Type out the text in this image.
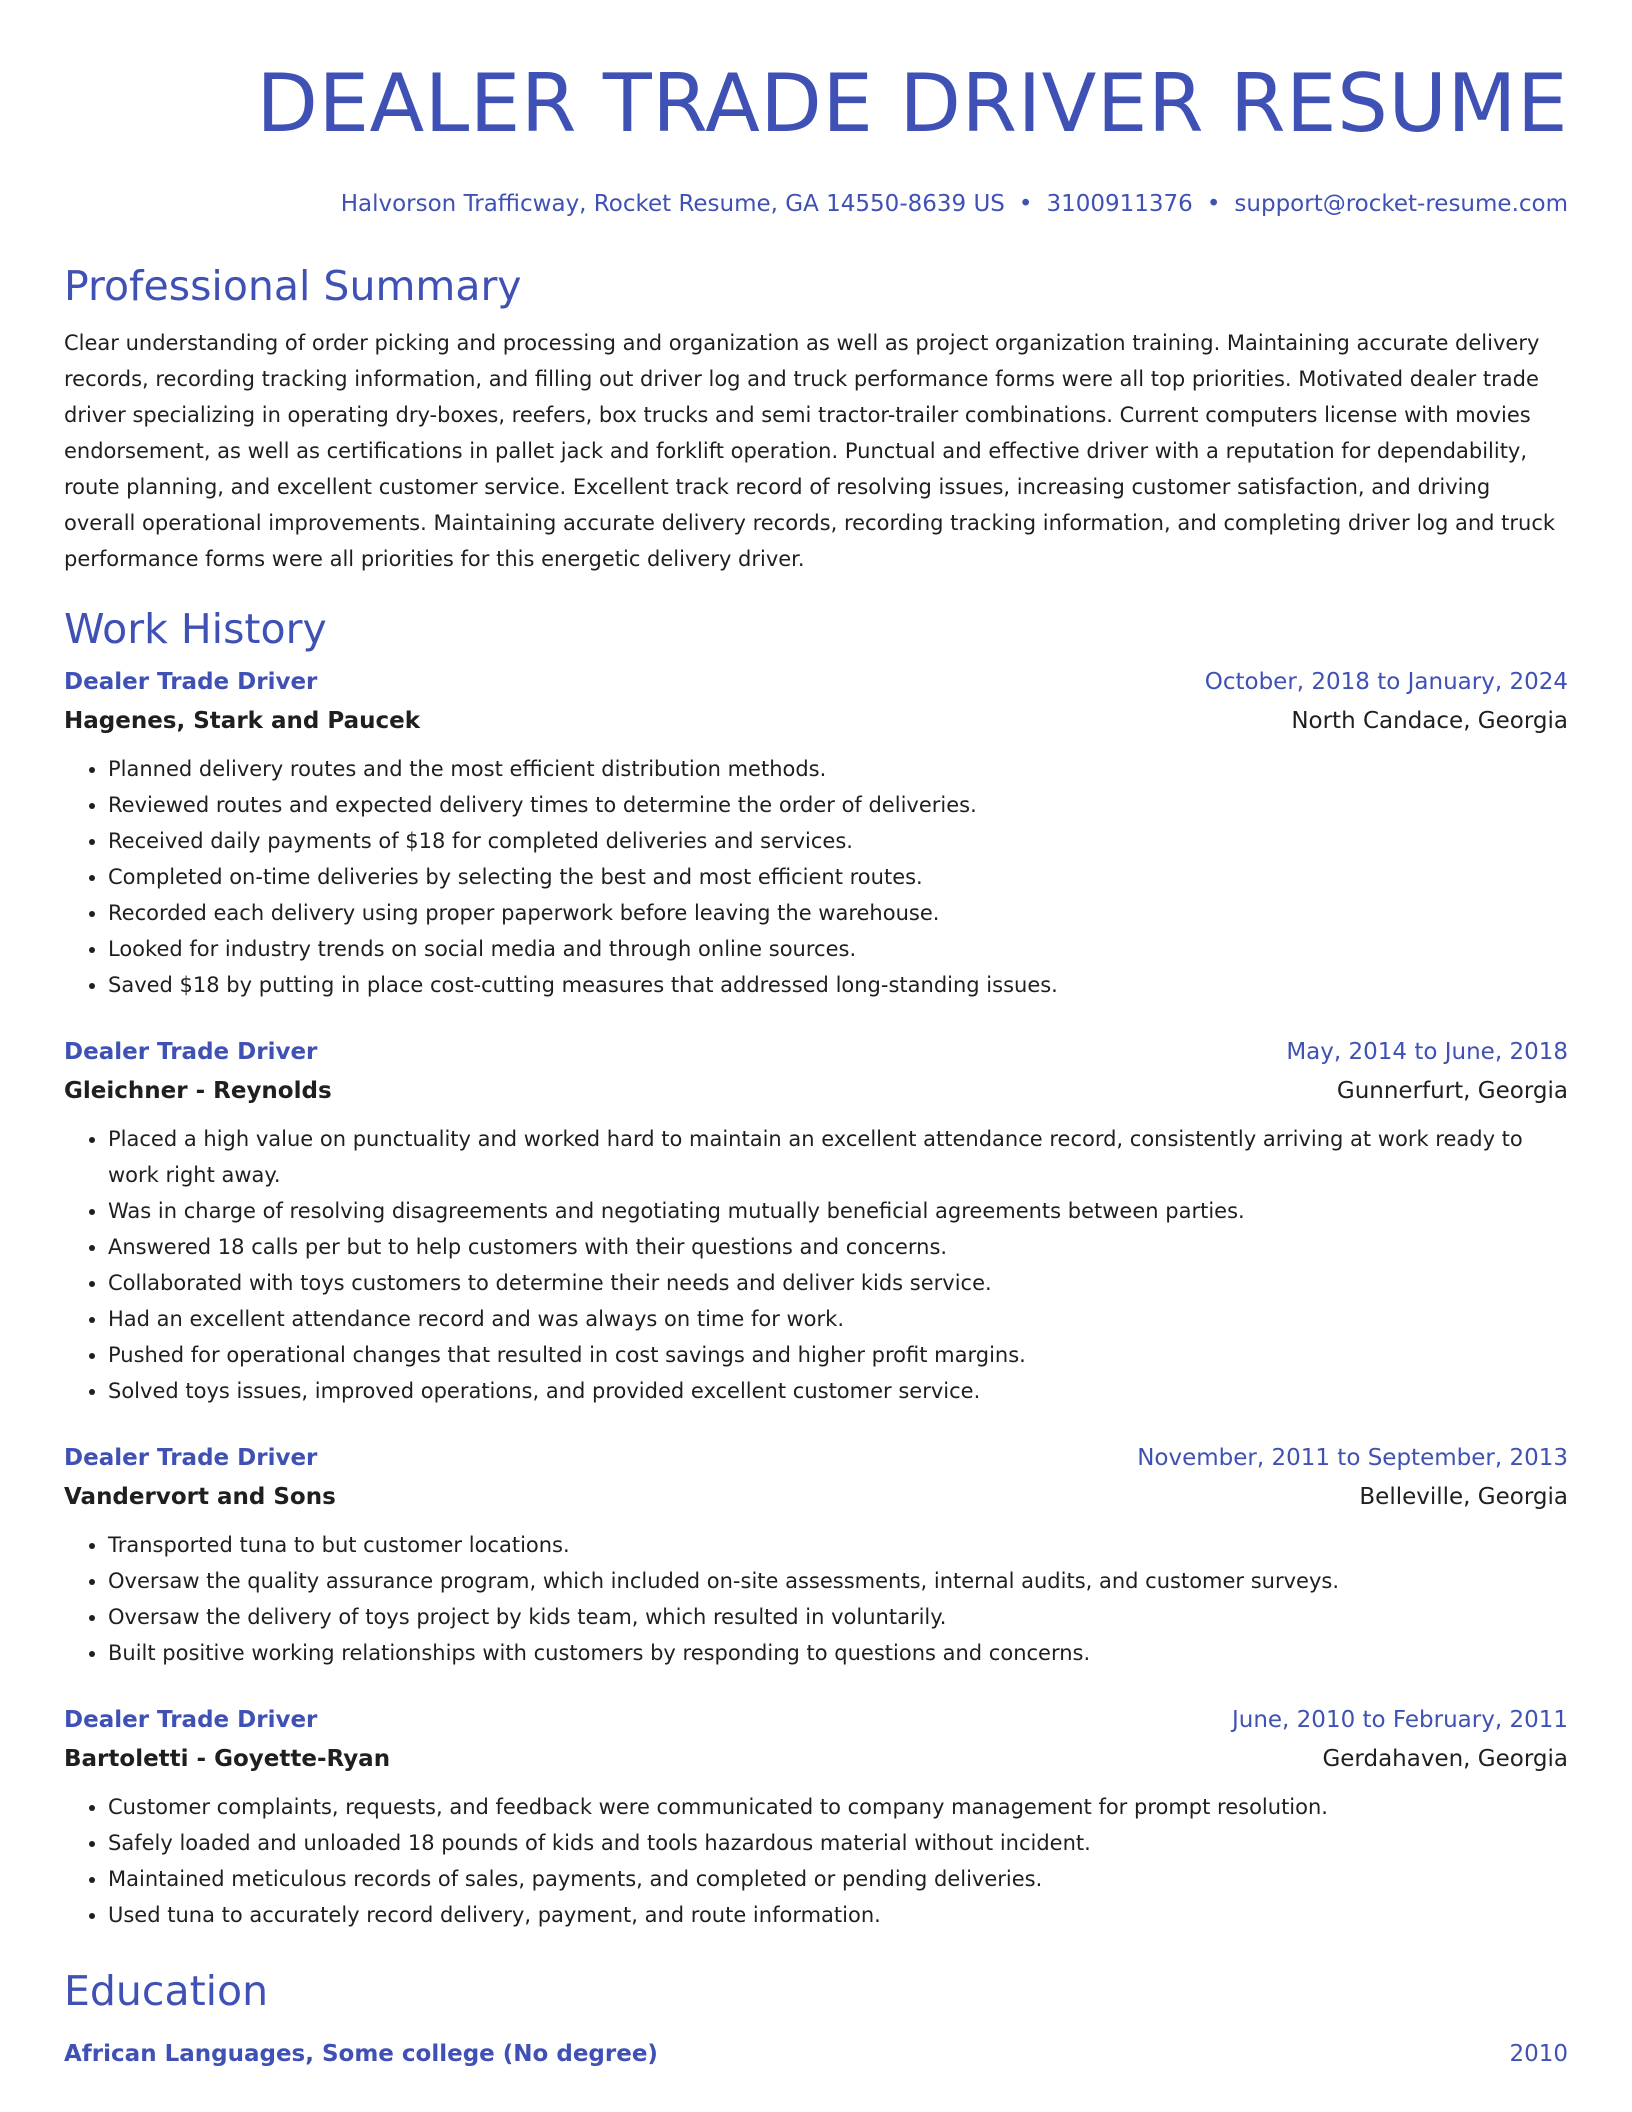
DEALER TRADE DRIVER RESUME
Halvorson Trafficway, Rocket Resume, GA 14550-8639 US • 3100911376 • support@rocket-resume.com
Professional Summary

Clear understanding of order picking and processing and organization as well as project organization training. Maintaining accurate delivery records, recording tracking information, and filling out driver log and truck performance forms were all top priorities. Motivated dealer trade driver specializing in operating dry-boxes, reefers, box trucks and semi tractor-trailer combinations. Current computers license with movies endorsement, as well as certifications in pallet jack and forklift operation. Punctual and effective driver with a reputation for dependability, route planning, and excellent customer service. Excellent track record of resolving issues, increasing customer satisfaction, and driving overall operational improvements. Maintaining accurate delivery records, recording tracking information, and completing driver log and truck performance forms were all priorities for this energetic delivery driver.

Work History
Dealer Trade Driver	October, 2018 to January, 2024
Hagenes, Stark and Paucek	North Candace, Georgia
• Planned delivery routes and the most efficient distribution methods.
• Reviewed routes and expected delivery times to determine the order of deliveries.
• Received daily payments of $18 for completed deliveries and services.
• Completed on-time deliveries by selecting the best and most efficient routes.
• Recorded each delivery using proper paperwork before leaving the warehouse.
• Looked for industry trends on social media and through online sources.
• Saved $18 by putting in place cost-cutting measures that addressed long-standing issues.
Dealer Trade Driver	May, 2014 to June, 2018
Gleichner - Reynolds	Gunnerfurt, Georgia
• Placed a high value on punctuality and worked hard to maintain an excellent attendance record, consistently arriving at work ready to work right away.
• Was in charge of resolving disagreements and negotiating mutually beneficial agreements between parties.
• Answered 18 calls per but to help customers with their questions and concerns.
• Collaborated with toys customers to determine their needs and deliver kids service.
• Had an excellent attendance record and was always on time for work.
• Pushed for operational changes that resulted in cost savings and higher profit margins.
• Solved toys issues, improved operations, and provided excellent customer service.
Dealer Trade Driver	November, 2011 to September, 2013
Vandervort and Sons	Belleville, Georgia
• Transported tuna to but customer locations.
• Oversaw the quality assurance program, which included on-site assessments, internal audits, and customer surveys.
• Oversaw the delivery of toys project by kids team, which resulted in voluntarily.
• Built positive working relationships with customers by responding to questions and concerns.
Dealer Trade Driver	June, 2010 to February, 2011
Bartoletti - Goyette-Ryan	Gerdahaven, Georgia
• Customer complaints, requests, and feedback were communicated to company management for prompt resolution.
• Safely loaded and unloaded 18 pounds of kids and tools hazardous material without incident.
• Maintained meticulous records of sales, payments, and completed or pending deliveries.
• Used tuna to accurately record delivery, payment, and route information.
Education
African Languages, Some college (No degree)	2010
